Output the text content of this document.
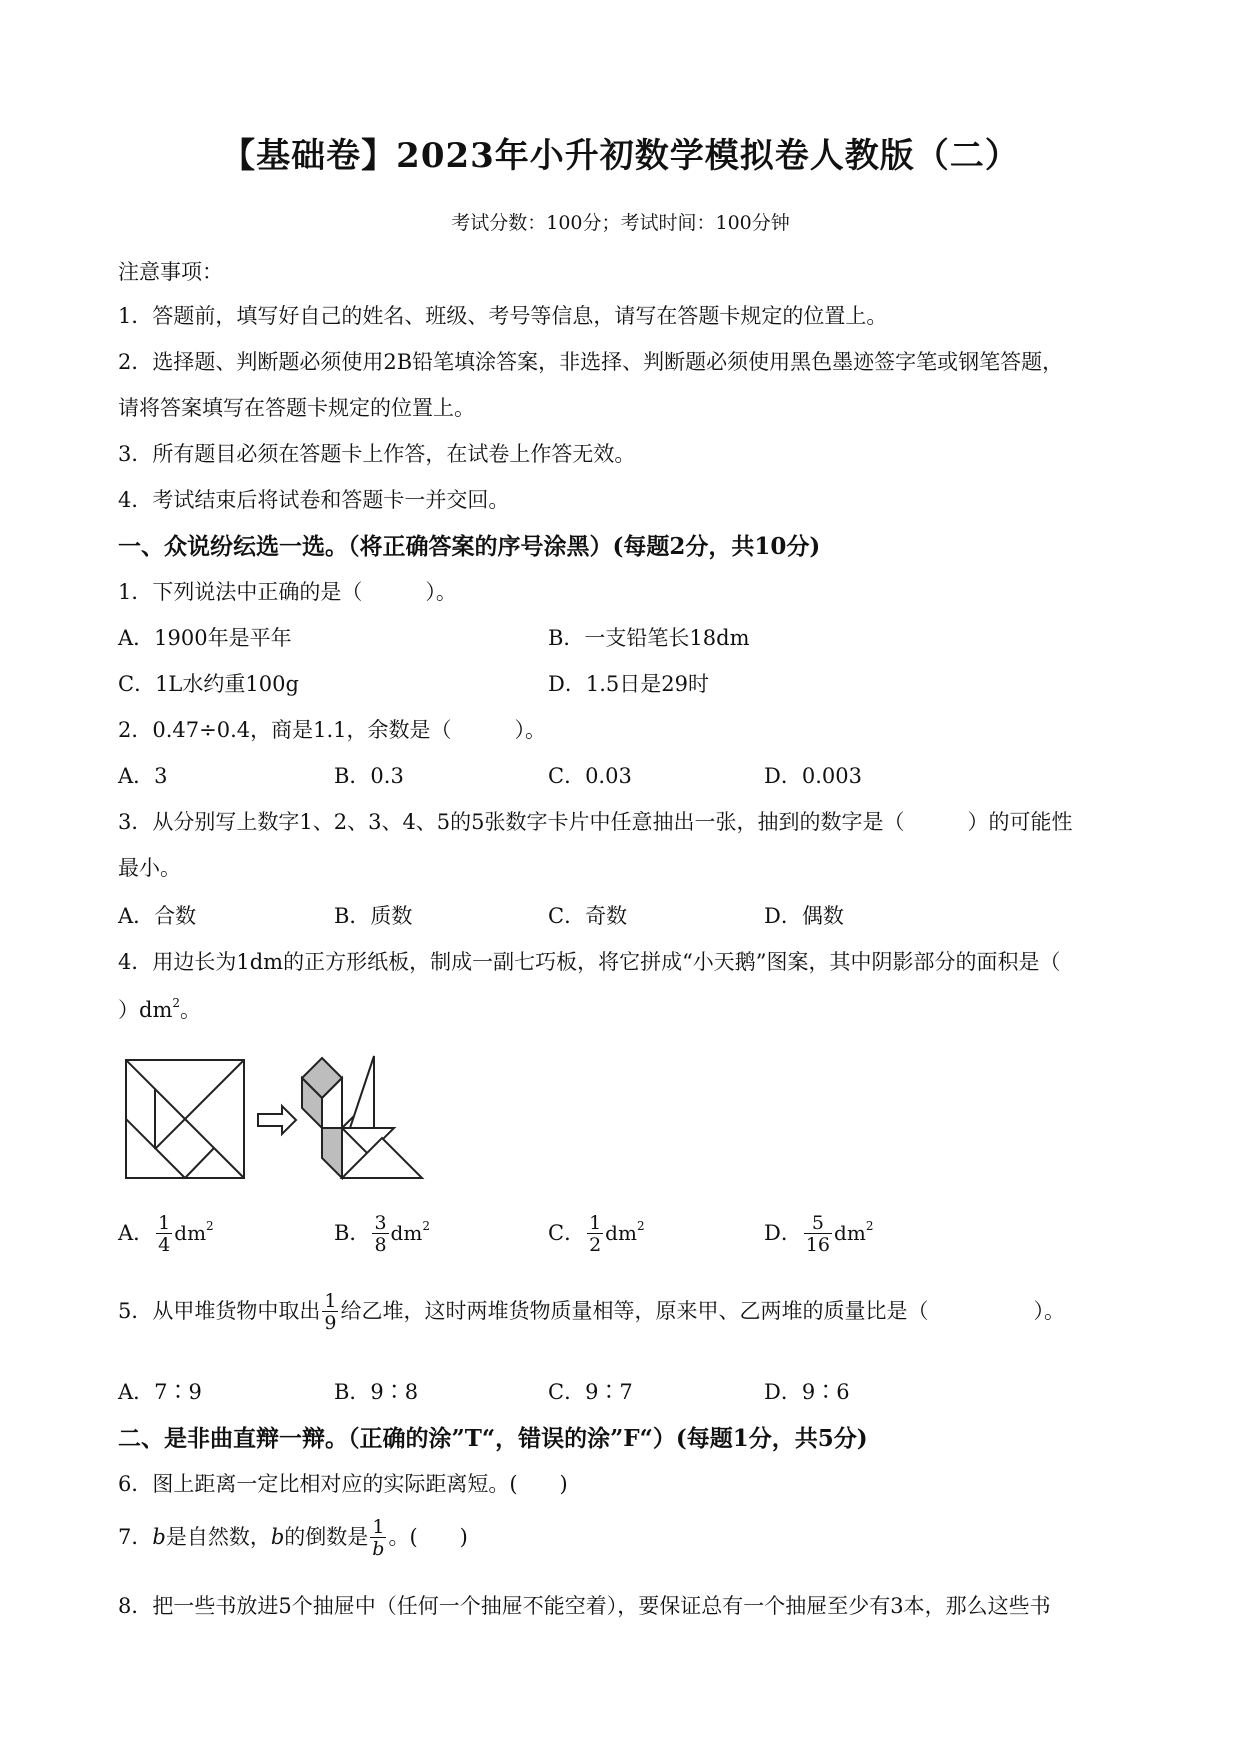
【基础卷】2023年小升初数学模拟卷人教版（二）
考试分数：100分；考试时间：100分钟
注意事项：
1．答题前，填写好自己的姓名、班级、考号等信息，请写在答题卡规定的位置上。
2．选择题、判断题必须使用2B铅笔填涂答案，非选择、判断题必须使用黑色墨迹签字笔或钢笔答题，
请将答案填写在答题卡规定的位置上。
3．所有题目必须在答题卡上作答，在试卷上作答无效。
4．考试结束后将试卷和答题卡一并交回。
一、众说纷纭选一选。（将正确答案的序号涂黑）(每题2分，共10分)
1．下列说法中正确的是（　　　）。
A．1900年是平年	B．一支铅笔长18dm
C．1L水约重100g	D．1.5日是29时
2．0.47÷0.4，商是1.1，余数是（　　　）。
A．3	B．0.3	C．0.03	D．0.003
3．从分别写上数字1、2、3、4、5的5张数字卡片中任意抽出一张，抽到的数字是（　　　）的可能性
最小。
A．合数	B．质数	C．奇数	D．偶数
4．用边长为1dm的正方形纸板，制成一副七巧板，将它拼成“小天鹅”图案，其中阴影部分的面积是（
）$dm^2$。
A． $\frac{1}{4} dm^2$	B． $\frac{3}{8} dm^2$	C． $\frac{1}{2} dm^2$	D． $\frac{5}{16} dm^2$
5．从甲堆货物中取出 $\frac{1}{9}$ 给乙堆，这时两堆货物质量相等，原来甲、乙两堆的质量比是（　　　　　）。
A．7∶9	B．9∶8	C．9∶7	D．9∶6
二、是非曲直辩一辩。（正确的涂”T“，错误的涂”F“）(每题1分，共5分)
6．图上距离一定比相对应的实际距离短。(　　)
7．b是自然数，b的倒数是 $\frac{1}{b}$ 。(　　)
8．把一些书放进5个抽屉中（任何一个抽屉不能空着），要保证总有一个抽屉至少有3本，那么这些书
